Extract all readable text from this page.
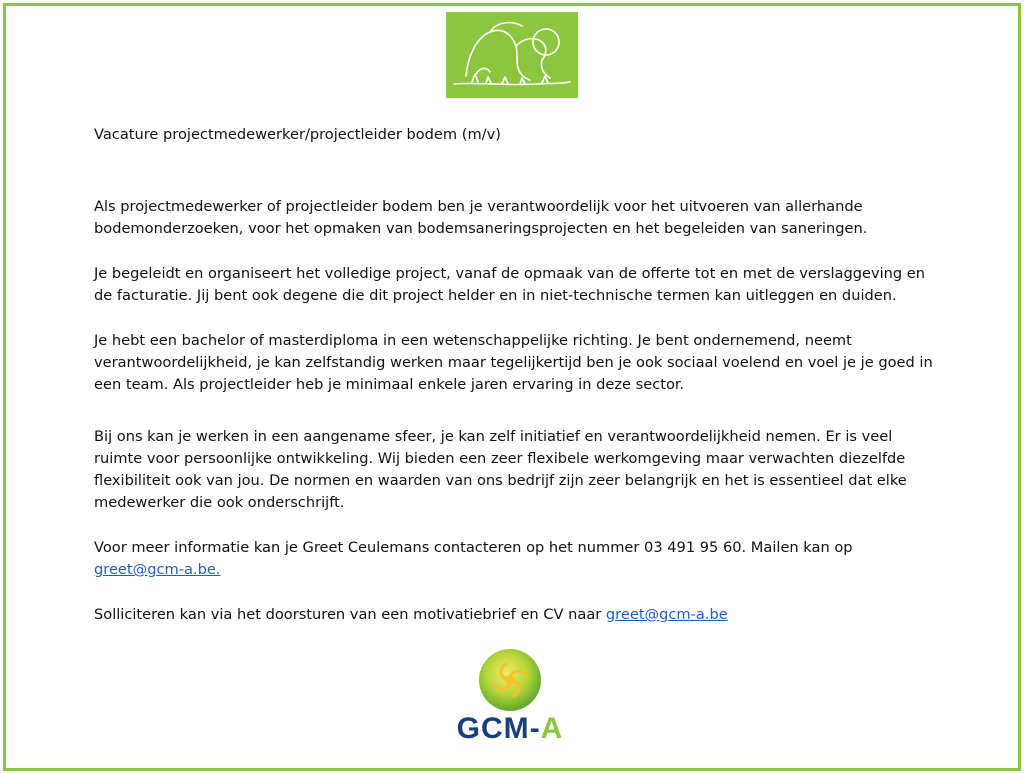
Vacature projectmedewerker/projectleider bodem (m/v)

Als projectmedewerker of projectleider bodem ben je verantwoordelijk voor het uitvoeren van allerhande bodemonderzoeken, voor het opmaken van bodemsaneringsprojecten en het begeleiden van saneringen.

Je begeleidt en organiseert het volledige project, vanaf de opmaak van de offerte tot en met de verslaggeving en de facturatie. Jij bent ook degene die dit project helder en in niet-technische termen kan uitleggen en duiden.

Je hebt een bachelor of masterdiploma in een wetenschappelijke richting. Je bent ondernemend, neemt verantwoordelijkheid, je kan zelfstandig werken maar tegelijkertijd ben je ook sociaal voelend en voel je je goed in een team. Als projectleider heb je minimaal enkele jaren ervaring in deze sector.

Bij ons kan je werken in een aangename sfeer, je kan zelf initiatief en verantwoordelijkheid nemen. Er is veel ruimte voor persoonlijke ontwikkeling. Wij bieden een zeer flexibele werkomgeving maar verwachten diezelfde flexibiliteit ook van jou. De normen en waarden van ons bedrijf zijn zeer belangrijk en het is essentieel dat elke medewerker die ook onderschrijft.

Voor meer informatie kan je Greet Ceulemans contacteren op het nummer 03 491 95 60. Mailen kan op greet@gcm-a.be.

Solliciteren kan via het doorsturen van een motivatiebrief en CV naar greet@gcm-a.be

GCM-A
